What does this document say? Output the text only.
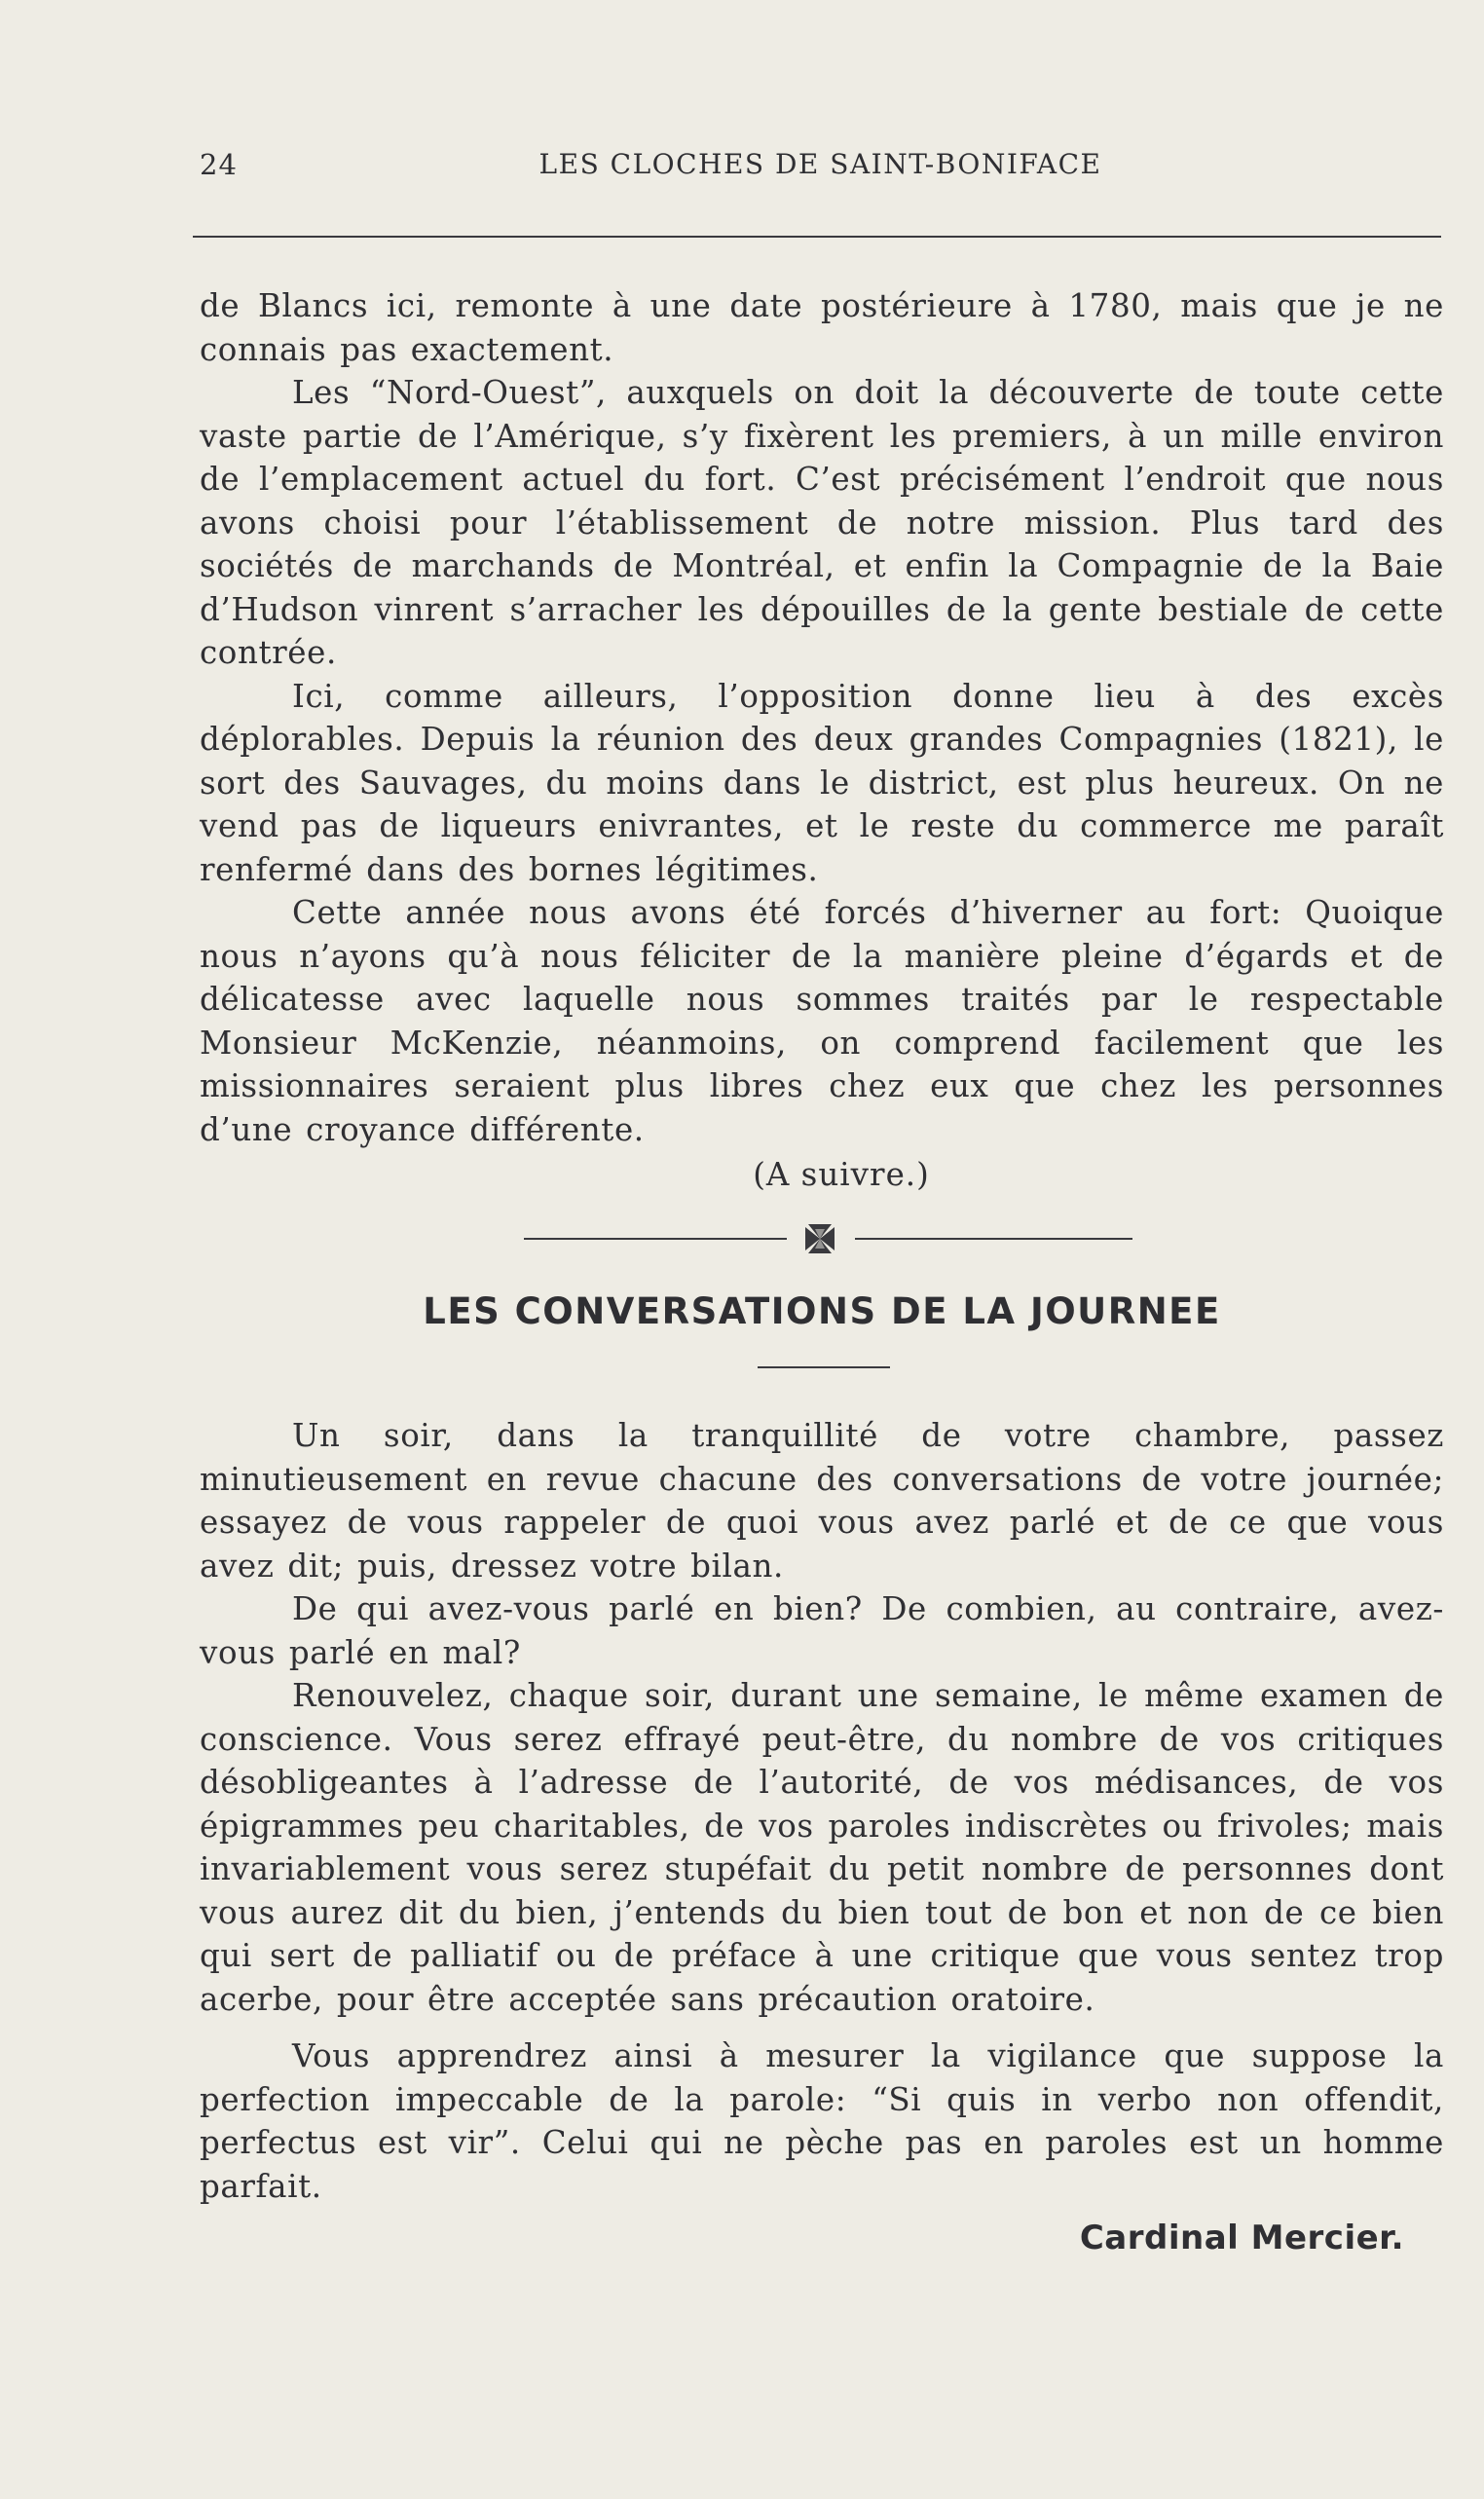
24	LES CLOCHES DE SAINT-BONIFACE

de Blancs ici, remonte à une date postérieure à 1780, mais que je ne connais pas exactement.

Les “Nord-Ouest”, auxquels on doit la découverte de toute cette vaste partie de l’Amérique, s’y fixèrent les premiers, à un mille environ de l’emplacement actuel du fort. C’est précisément l’endroit que nous avons choisi pour l’établissement de notre mission. Plus tard des sociétés de marchands de Montréal, et enfin la Compagnie de la Baie d’Hudson vinrent s’arracher les dépouilles de la gente bestiale de cette contrée.

Ici, comme ailleurs, l’opposition donne lieu à des excès déplorables. Depuis la réunion des deux grandes Compagnies (1821), le sort des Sauvages, du moins dans le district, est plus heureux. On ne vend pas de liqueurs enivrantes, et le reste du commerce me paraît renfermé dans des bornes légitimes.

Cette année nous avons été forcés d’hiverner au fort: Quoique nous n’ayons qu’à nous féliciter de la manière pleine d’égards et de délicatesse avec laquelle nous sommes traités par le respectable Monsieur McKenzie, néanmoins, on comprend facilement que les missionnaires seraient plus libres chez eux que chez les personnes d’une croyance différente.

(A suivre.)
LES CONVERSATIONS DE LA JOURNEE

Un soir, dans la tranquillité de votre chambre, passez minutieusement en revue chacune des conversations de votre journée; essayez de vous rappeler de quoi vous avez parlé et de ce que vous avez dit; puis, dressez votre bilan.

De qui avez-vous parlé en bien? De combien, au contraire, avez-vous parlé en mal?

Renouvelez, chaque soir, durant une semaine, le même examen de conscience. Vous serez effrayé peut-être, du nombre de vos critiques désobligeantes à l’adresse de l’autorité, de vos médisances, de vos épigrammes peu charitables, de vos paroles indiscrètes ou frivoles; mais invariablement vous serez stupéfait du petit nombre de personnes dont vous aurez dit du bien, j’entends du bien tout de bon et non de ce bien qui sert de palliatif ou de préface à une critique que vous sentez trop acerbe, pour être acceptée sans précaution oratoire.

Vous apprendrez ainsi à mesurer la vigilance que suppose la perfection impeccable de la parole: “Si quis in verbo non offendit, perfectus est vir”. Celui qui ne pèche pas en paroles est un homme parfait.

Cardinal Mercier.
